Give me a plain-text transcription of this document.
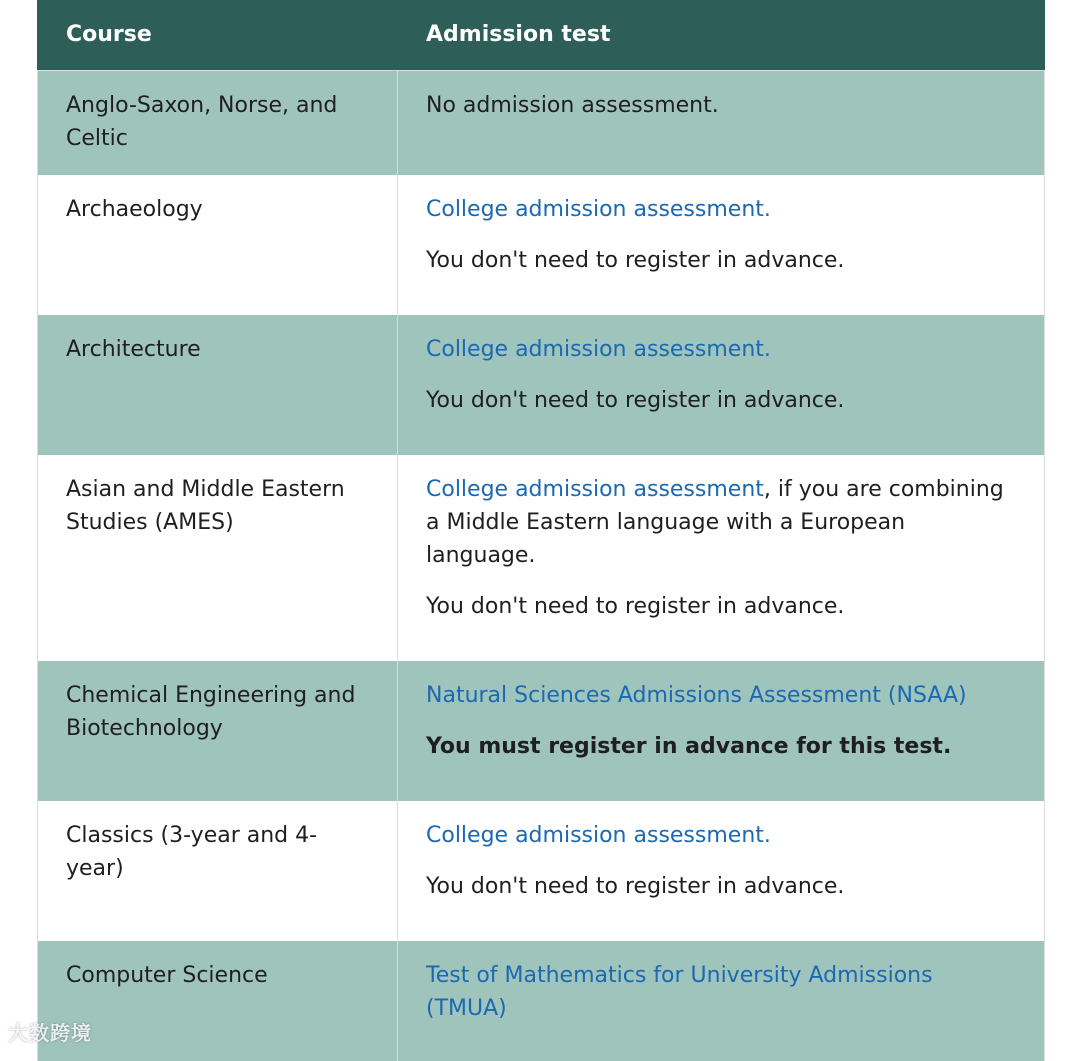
Course	Admission test
Anglo-Saxon, Norse, and Celtic	No admission assessment.

Archaeology	College admission assessment.

You don't need to register in advance.

Architecture	College admission assessment.

You don't need to register in advance.

Asian and Middle Eastern Studies (AMES)	College admission assessment, if you are combining a Middle Eastern language with a European language.

You don't need to register in advance.

Chemical Engineering and Biotechnology	Natural Sciences Admissions Assessment (NSAA)

You must register in advance for this test.

Classics (3-year and 4-year)	College admission assessment.

You don't need to register in advance.

Computer Science	Test of Mathematics for University Admissions (TMUA)

大数跨境
